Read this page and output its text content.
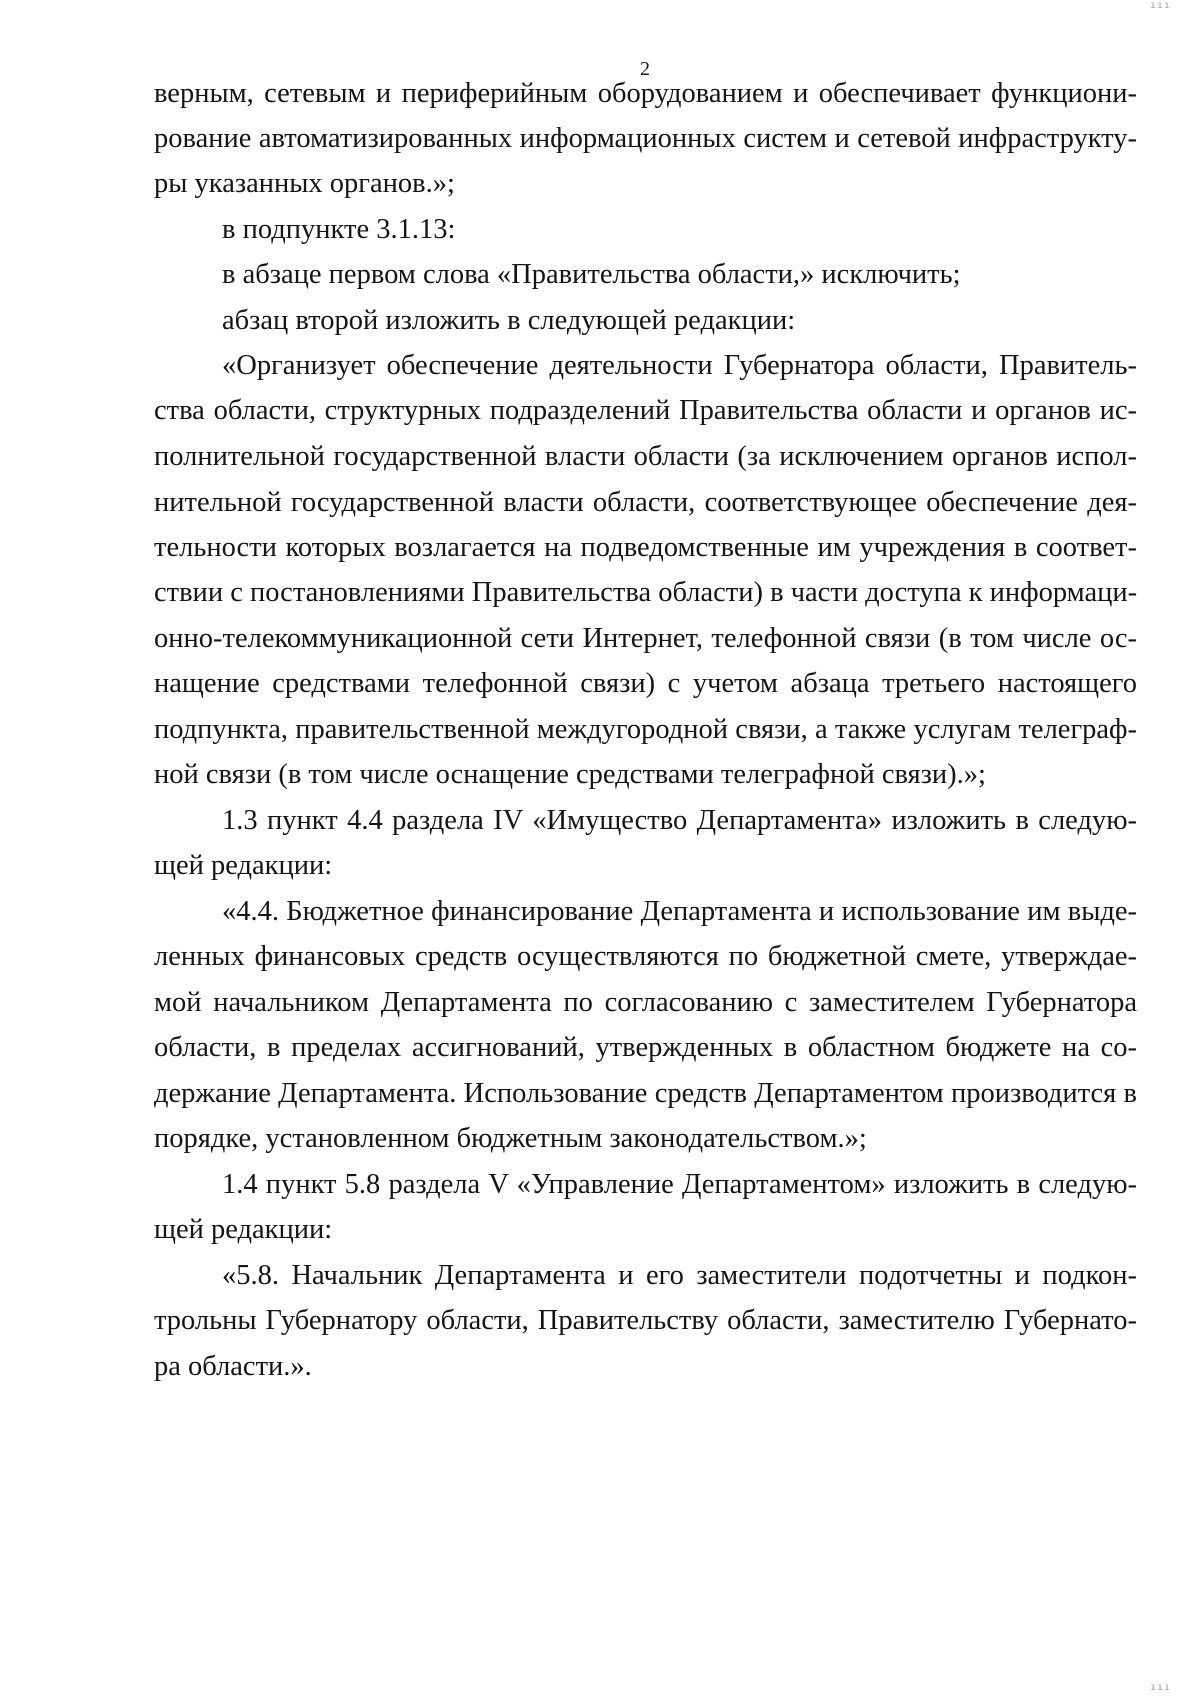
2
верным, сетевым и периферийным оборудованием и обеспечивает функциони-
рование автоматизированных информационных систем и сетевой инфраструкту-
ры указанных органов.»;
в подпункте 3.1.13:
в абзаце первом слова «Правительства области,» исключить;
абзац второй изложить в следующей редакции:
«Организует обеспечение деятельности Губернатора области, Правитель-
ства области, структурных подразделений Правительства области и органов ис-
полнительной государственной власти области (за исключением органов испол-
нительной государственной власти области, соответствующее обеспечение дея-
тельности которых возлагается на подведомственные им учреждения в соответ-
ствии с постановлениями Правительства области) в части доступа к информаци-
онно-телекоммуникационной сети Интернет, телефонной связи (в том числе ос-
нащение средствами телефонной связи) с учетом абзаца третьего настоящего
подпункта, правительственной междугородной связи, а также услугам телеграф-
ной связи (в том числе оснащение средствами телеграфной связи).»;
1.3 пункт 4.4 раздела IV «Имущество Департамента» изложить в следую-
щей редакции:
«4.4. Бюджетное финансирование Департамента и использование им выде-
ленных финансовых средств осуществляются по бюджетной смете, утверждае-
мой начальником Департамента по согласованию с заместителем Губернатора
области, в пределах ассигнований, утвержденных в областном бюджете на со-
держание Департамента. Использование средств Департаментом производится в
порядке, установленном бюджетным законодательством.»;
1.4 пункт 5.8 раздела V «Управление Департаментом» изложить в следую-
щей редакции:
«5.8. Начальник Департамента и его заместители подотчетны и подкон-
трольны Губернатору области, Правительству области, заместителю Губернато-
ра области.».
ııı
ııı
